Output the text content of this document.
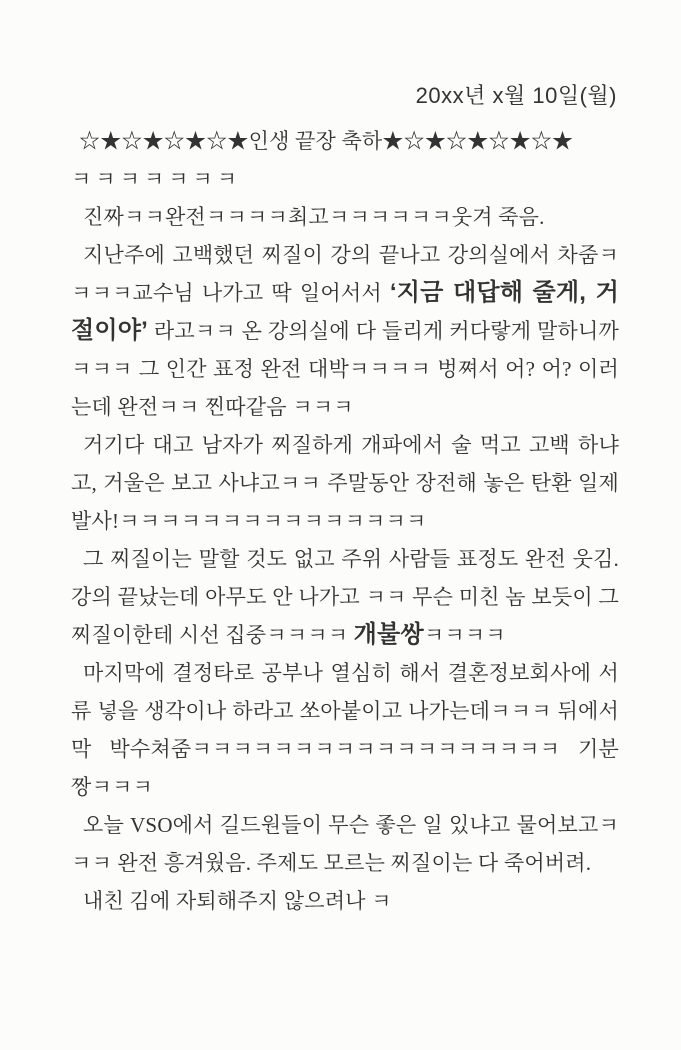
20xx년 x월 10일(월)

☆★☆★☆★☆★인생 끝장 축하★☆★☆★☆★☆★

ㅋㅋㅋㅋㅋㅋㅋ

진짜ㅋㅋ완전ㅋㅋㅋㅋ최고ㅋㅋㅋㅋㅋㅋ웃겨 죽음.

지난주에 고백했던 찌질이 강의 끝나고 강의실에서 차줌ㅋㅋㅋㅋ교수님 나가고 딱 일어서서 ‘지금 대답해 줄게, 거절이야’ 라고ㅋㅋ 온 강의실에 다 들리게 커다랗게 말하니까ㅋㅋㅋ 그 인간 표정 완전 대박ㅋㅋㅋㅋ 벙쪄서 어? 어? 이러는데 완전ㅋㅋ 찐따같음 ㅋㅋㅋ

거기다 대고 남자가 찌질하게 개파에서 술 먹고 고백 하냐고, 거울은 보고 사냐고ㅋㅋ 주말동안 장전해 놓은 탄환 일제 발사!ㅋㅋㅋㅋㅋㅋㅋㅋㅋㅋㅋㅋㅋㅋㅋ

그 찌질이는 말할 것도 없고 주위 사람들 표정도 완전 웃김. 강의 끝났는데 아무도 안 나가고 ㅋㅋ 무슨 미친 놈 보듯이 그 찌질이한테 시선 집중ㅋㅋㅋㅋ 개불쌍ㅋㅋㅋㅋ

마지막에 결정타로 공부나 열심히 해서 결혼정보회사에 서류 넣을 생각이나 하라고 쏘아붙이고 나가는데ㅋㅋㅋ 뒤에서 막 박수쳐줌ㅋㅋㅋㅋㅋㅋㅋㅋㅋㅋㅋㅋㅋㅋㅋㅋㅋㅋ 기분 짱ㅋㅋㅋ

오늘 VSO에서 길드원들이 무슨 좋은 일 있냐고 물어보고ㅋㅋㅋ 완전 흥겨웠음. 주제도 모르는 찌질이는 다 죽어버려.

내친 김에 자퇴해주지 않으려나 ㅋ
